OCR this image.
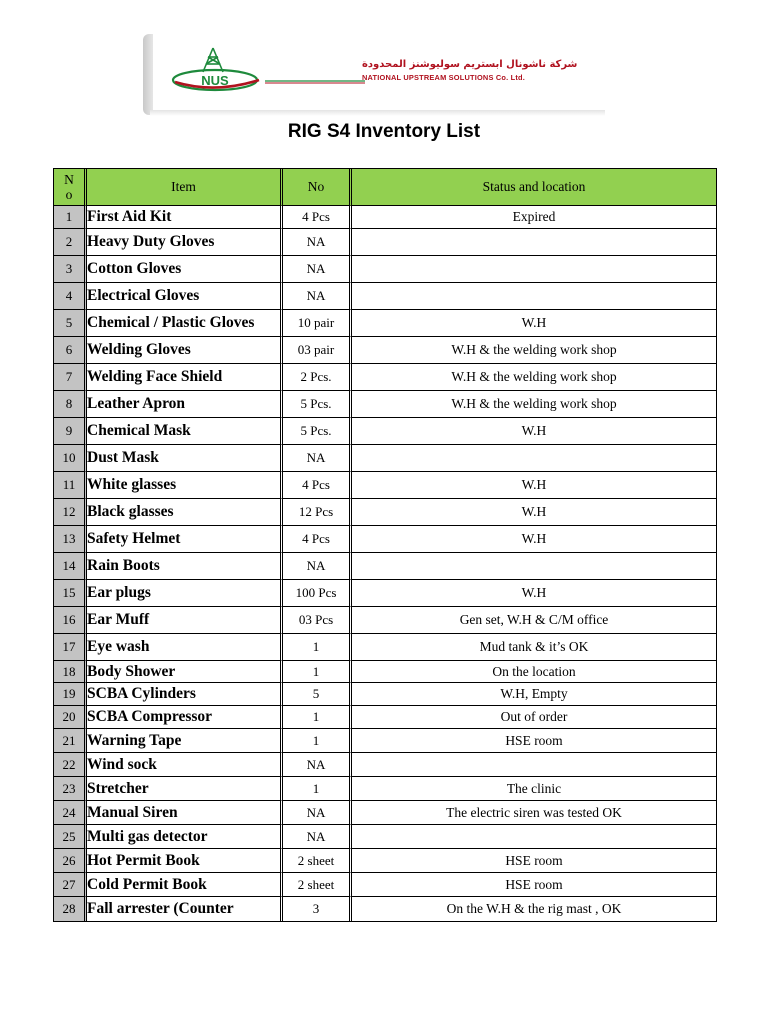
NUS
شركة ناشونال ابستريم سوليوشنز المحدودة
NATIONAL UPSTREAM SOLUTIONS Co. Ltd.
RIG S4 Inventory List
N
o	Item	No	Status and location
1	First Aid Kit	4 Pcs	Expired
2	Heavy Duty Gloves	NA	
3	Cotton Gloves	NA	
4	Electrical Gloves	NA	
5	Chemical / Plastic Gloves	10 pair	W.H
6	Welding Gloves	03 pair	W.H & the welding work shop
7	Welding Face Shield	2 Pcs.	W.H & the welding work shop
8	Leather Apron	5 Pcs.	W.H & the welding work shop
9	Chemical Mask	5 Pcs.	W.H
10	Dust Mask	NA	
11	White glasses	4 Pcs	W.H
12	Black glasses	12 Pcs	W.H
13	Safety Helmet	4 Pcs	W.H
14	Rain Boots	NA	
15	Ear plugs	100 Pcs	W.H
16	Ear Muff	03 Pcs	Gen set, W.H & C/M office
17	Eye wash	1	Mud tank & it’s OK
18	Body Shower	1	On the location
19	SCBA Cylinders	5	W.H, Empty
20	SCBA Compressor	1	Out of order
21	Warning Tape	1	HSE room
22	Wind sock	NA	
23	Stretcher	1	The clinic
24	Manual Siren	NA	The electric siren was tested OK
25	Multi gas detector	NA	
26	Hot Permit Book	2 sheet	HSE room
27	Cold Permit Book	2 sheet	HSE room
28	Fall arrester (Counter	3	On the W.H & the rig mast , OK
